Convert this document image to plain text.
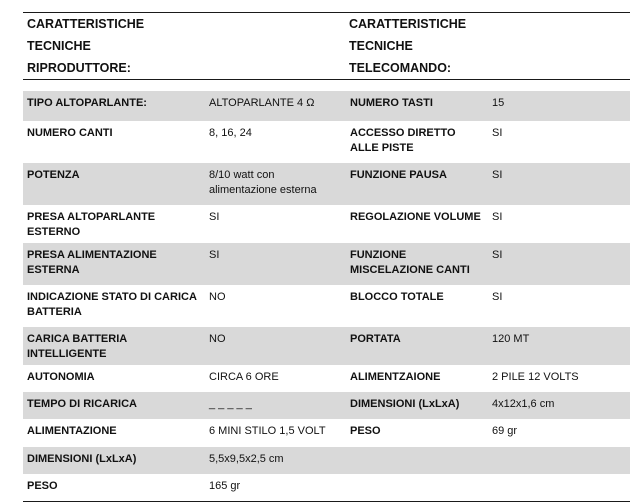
CARATTERISTICHE
TECNICHE
RIPRODUTTORE:
CARATTERISTICHE
TECNICHE
TELECOMANDO:
TIPO ALTOPARLANTE:	ALTOPARLANTE 4 Ω	NUMERO TASTI	15
NUMERO CANTI	8, 16, 24	ACCESSO DIRETTO ALLE PISTE	SI
POTENZA	8/10 watt con alimentazione esterna	FUNZIONE PAUSA	SI
PRESA ALTOPARLANTE ESTERNO	SI	REGOLAZIONE VOLUME	SI
PRESA ALIMENTAZIONE ESTERNA	SI	FUNZIONE MISCELAZIONE CANTI	SI
INDICAZIONE STATO DI CARICA BATTERIA	NO	BLOCCO TOTALE	SI
CARICA BATTERIA INTELLIGENTE	NO	PORTATA	120 MT
AUTONOMIA	CIRCA 6 ORE	ALIMENTZAIONE	2 PILE 12 VOLTS
TEMPO DI RICARICA	_ _ _ _ _	DIMENSIONI (LxLxA)	4x12x1,6 cm
ALIMENTAZIONE	6 MINI STILO 1,5 VOLT	PESO	69 gr
DIMENSIONI (LxLxA)	5,5x9,5x2,5 cm		
PESO	165 gr		
